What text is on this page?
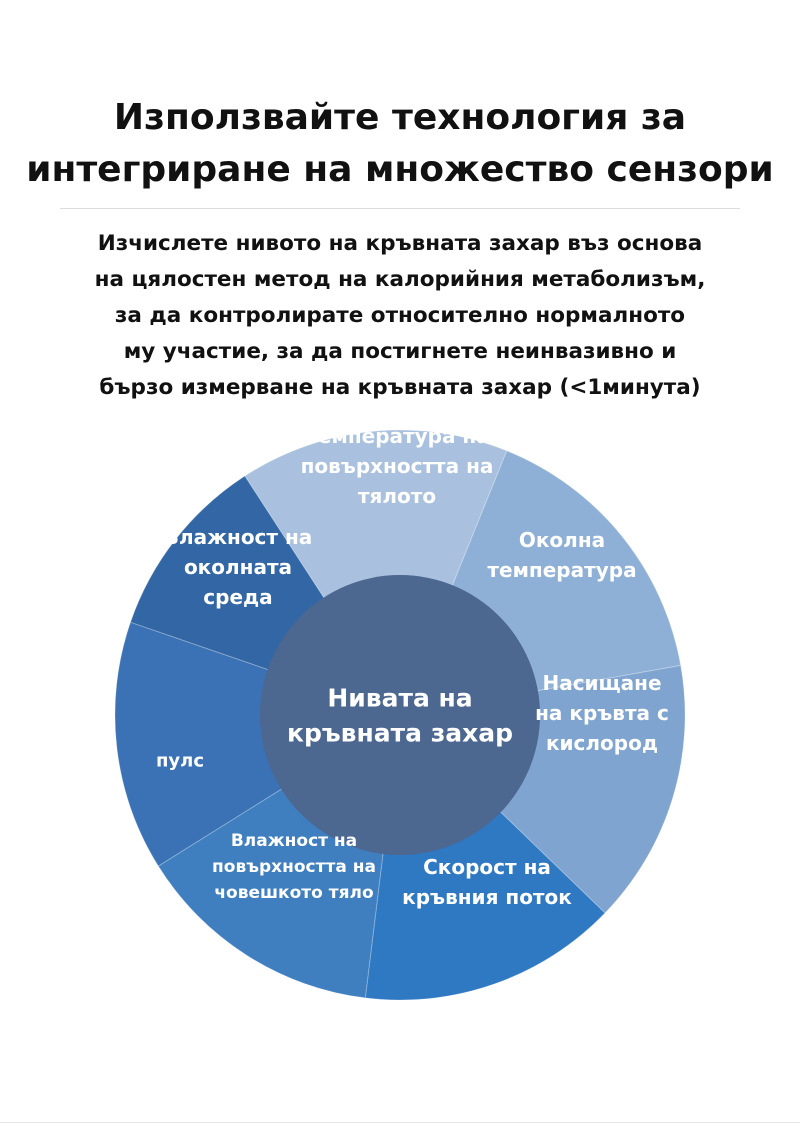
Използвайте технология за
интегриране на множество сензори

Изчислете нивото на кръвната захар въз основа
на цялостен метод на калорийния метаболизъм,
за да контролирате относително нормалното
му участие, за да постигнете неинвазивно и
бързо измерване на кръвната захар (<1минута)

Температура на повърхността на тялото
Околна температура
Насищане на кръвта с кислород
Скорост на кръвния поток
Влажност на повърхността на човешкото тяло
пулс
Влажност на околната среда
Нивата на кръвната захар
